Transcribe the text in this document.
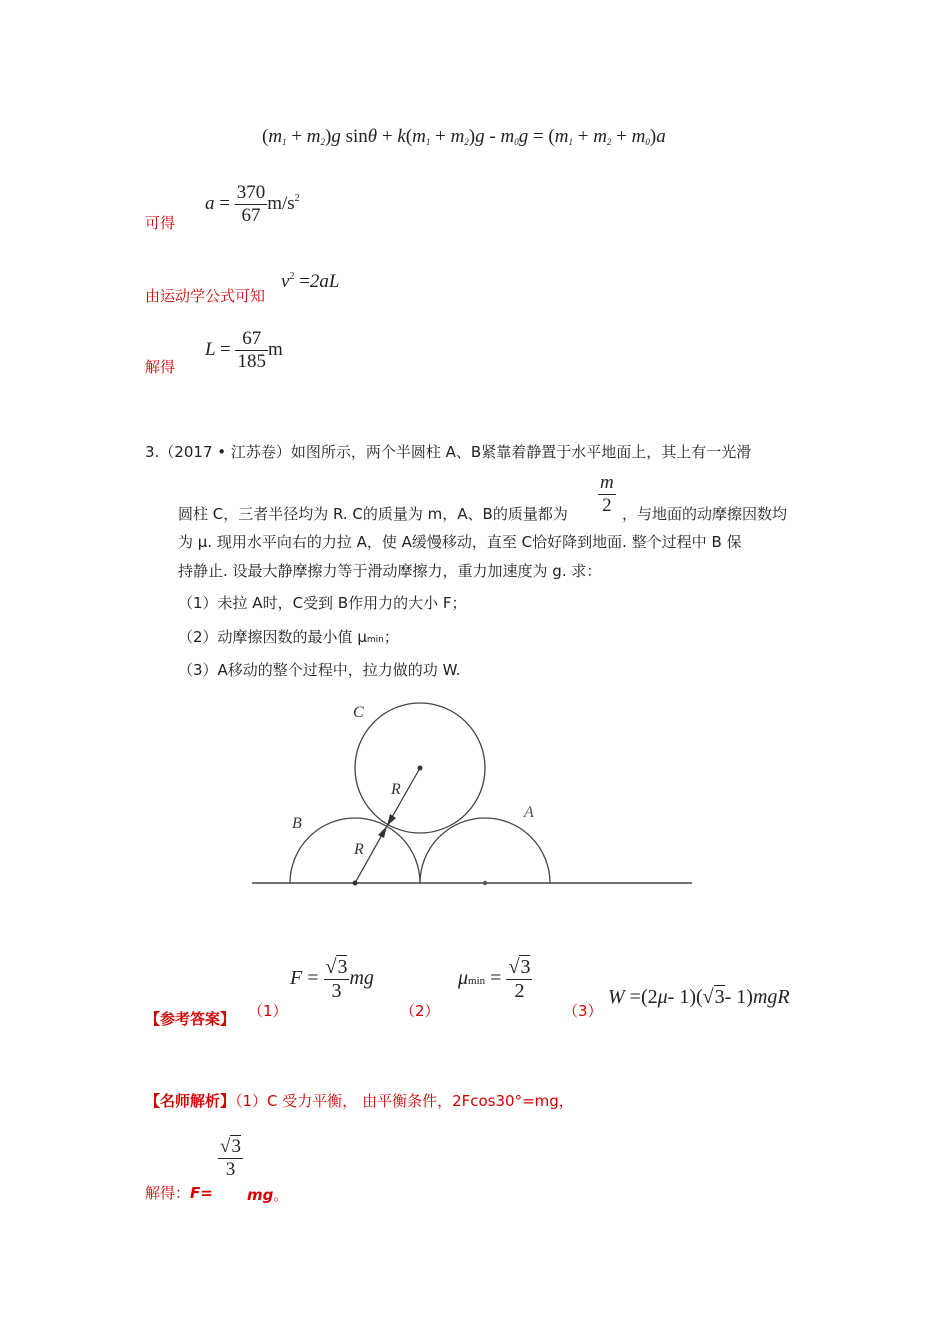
$(m_1 + m_2)g$ $\sin\theta + k(m_1 + m_2)g - m_0g = (m_1 + m_2 + m_0)a$
可得
$a = \frac{370}{67} m/s^2$
由运动学公式可知
$v^2 =2aL$
解得
$L = \frac{67}{185}$ m
3.（2017 • 江苏卷）如图所示，两个半圆柱 A、B紧靠着静置于水平地面上，其上有一光滑
$\frac{m}{2}$
圆柱 C，三者半径均为 R. C的质量为 m，A、B的质量都为	，与地面的动摩擦因数均
为 μ. 现用水平向右的力拉 A，使 A缓慢移动，直至 C恰好降到地面. 整个过程中 B 保
持静止. 设最大静摩擦力等于滑动摩擦力，重力加速度为 g. 求：
（1）未拉 A时，C受到 B作用力的大小 F；
（2）动摩擦因数的最小值 μmin；
（3）A移动的整个过程中，拉力做的功 W.
C
B
A
R
R
【参考答案】 （1）
$F = \frac{√3}{3}$ mg
（2）
$\mu\min = \frac{√3}{2}$
（3）
W =(2μ- 1)(√3- 1)mgR
【名师解析】（1）C 受力平衡， 由平衡条件，2Fcos30°=mg，
$\frac{√3}{3}$
解得：F= mg。
